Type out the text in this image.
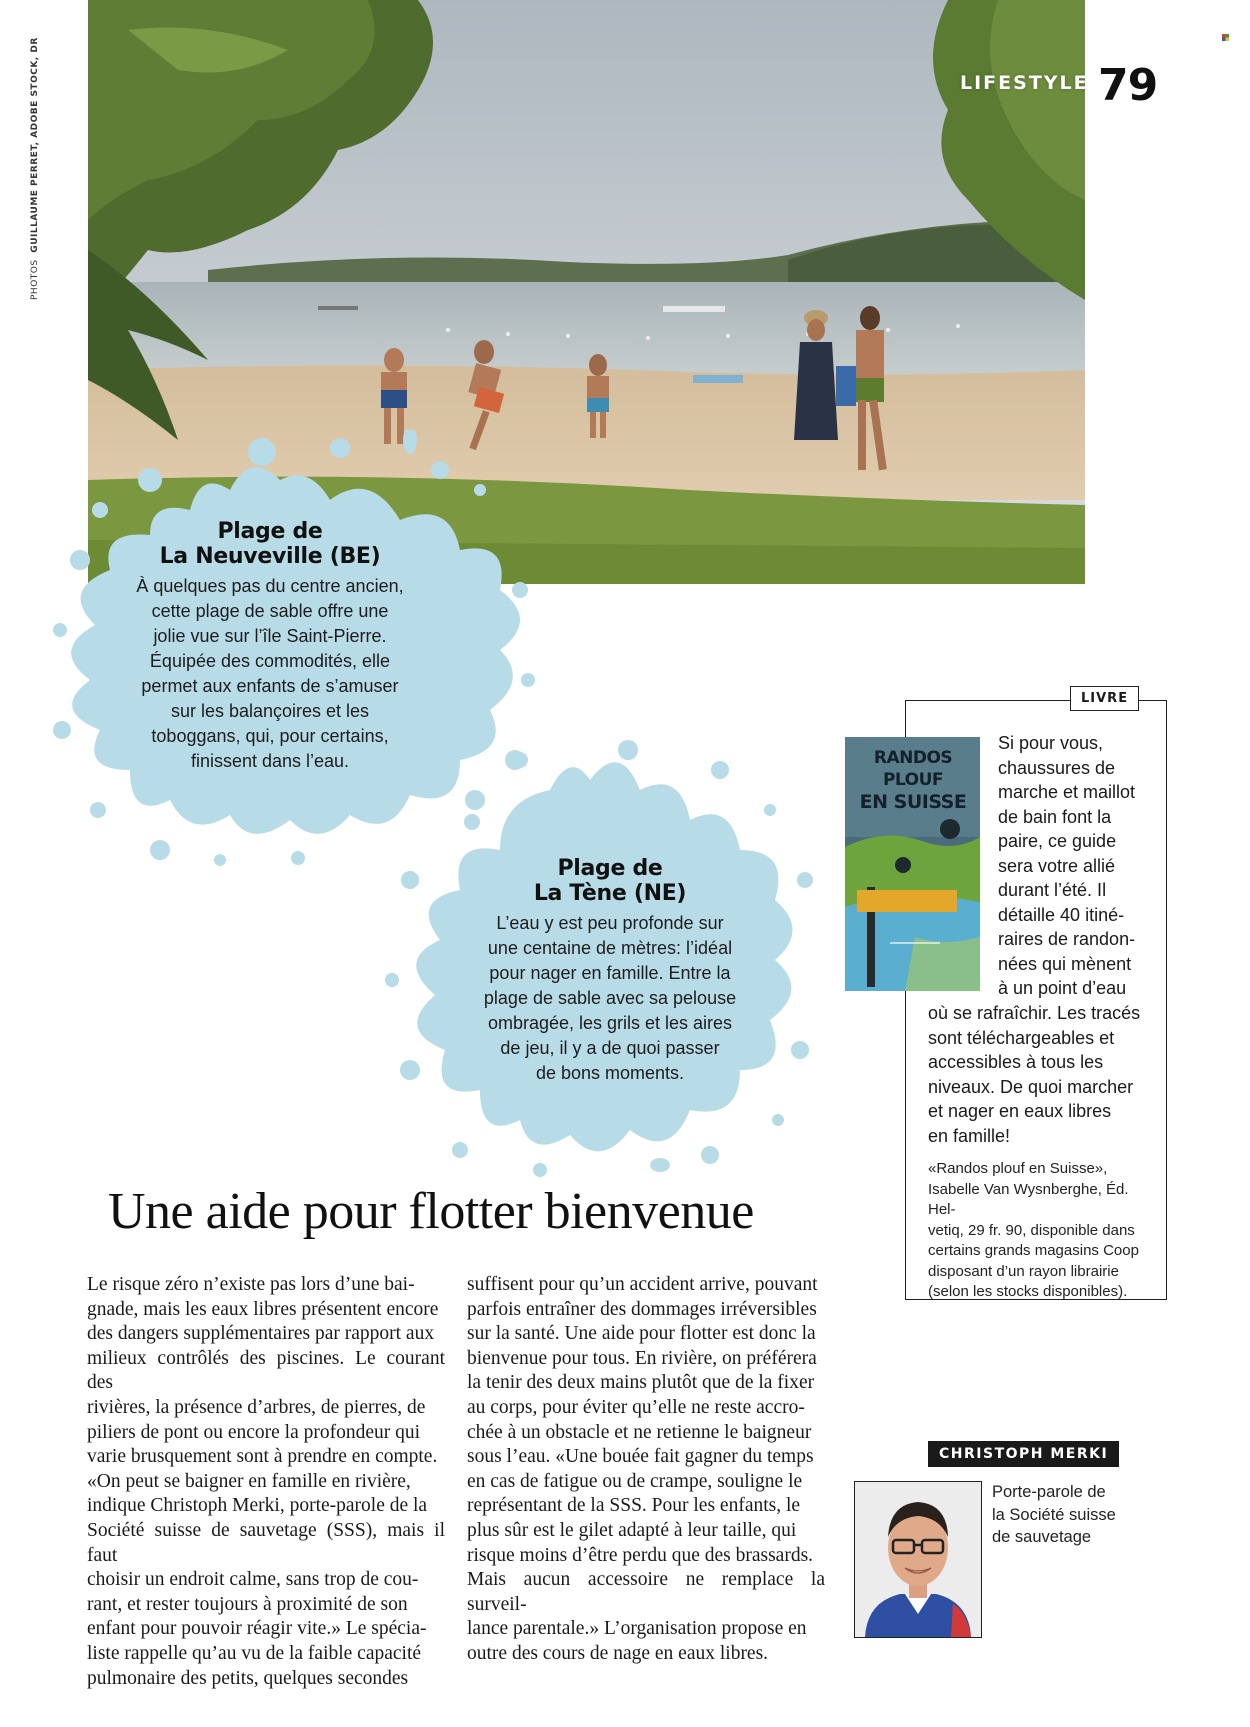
PHOTOS  GUILLAUME PERRET, ADOBE STOCK, DR	LIFESTYLE 79
Plage de
La Neuveville (BE)
À quelques pas du centre ancien,
cette plage de sable offre une
jolie vue sur l’île Saint-Pierre.
Équipée des commodités, elle
permet aux enfants de s’amuser
sur les balançoires et les
toboggans, qui, pour certains,
finissent dans l’eau.
Plage de
La Tène (NE)
L’eau y est peu profonde sur
une centaine de mètres: l’idéal
pour nager en famille. Entre la
plage de sable avec sa pelouse
ombragée, les grils et les aires
de jeu, il y a de quoi passer
de bons moments.
LIVRE
RANDOS PLOUF
EN SUISSE
Si pour vous,
chaussures de
marche et maillot
de bain font la
paire, ce guide
sera votre allié
durant l’été. Il
détaille 40 itiné-
raires de randon-
nées qui mènent
à un point d’eau
où se rafraîchir. Les tracés
sont téléchargeables et
accessibles à tous les
niveaux. De quoi marcher
et nager en eaux libres
en famille!
«Randos plouf en Suisse»,
Isabelle Van Wysnberghe, Éd. Hel-
vetiq, 29 fr. 90, disponible dans
certains grands magasins Coop
disposant d’un rayon librairie
(selon les stocks disponibles).
Une aide pour flotter bienvenue
Le risque zéro n’existe pas lors d’une bai-
gnade, mais les eaux libres présentent encore
des dangers supplémentaires par rapport aux
milieux contrôlés des piscines. Le courant des
rivières, la présence d’arbres, de pierres, de
piliers de pont ou encore la profondeur qui
varie brusquement sont à prendre en compte.
«On peut se baigner en famille en rivière,
indique Christoph Merki, porte-parole de la
Société suisse de sauvetage (SSS), mais il faut
choisir un endroit calme, sans trop de cou-
rant, et rester toujours à proximité de son
enfant pour pouvoir réagir vite.» Le spécia-
liste rappelle qu’au vu de la faible capacité
pulmonaire des petits, quelques secondes
suffisent pour qu’un accident arrive, pouvant
parfois entraîner des dommages irréversibles
sur la santé. Une aide pour flotter est donc la
bienvenue pour tous. En rivière, on préférera
la tenir des deux mains plutôt que de la fixer
au corps, pour éviter qu’elle ne reste accro-
chée à un obstacle et ne retienne le baigneur
sous l’eau. «Une bouée fait gagner du temps
en cas de fatigue ou de crampe, souligne le
représentant de la SSS. Pour les enfants, le
plus sûr est le gilet adapté à leur taille, qui
risque moins d’être perdu que des brassards.
Mais aucun accessoire ne remplace la surveil-
lance parentale.» L’organisation propose en
outre des cours de nage en eaux libres.
CHRISTOPH MERKI
Porte-parole de
la Société suisse
de sauvetage
